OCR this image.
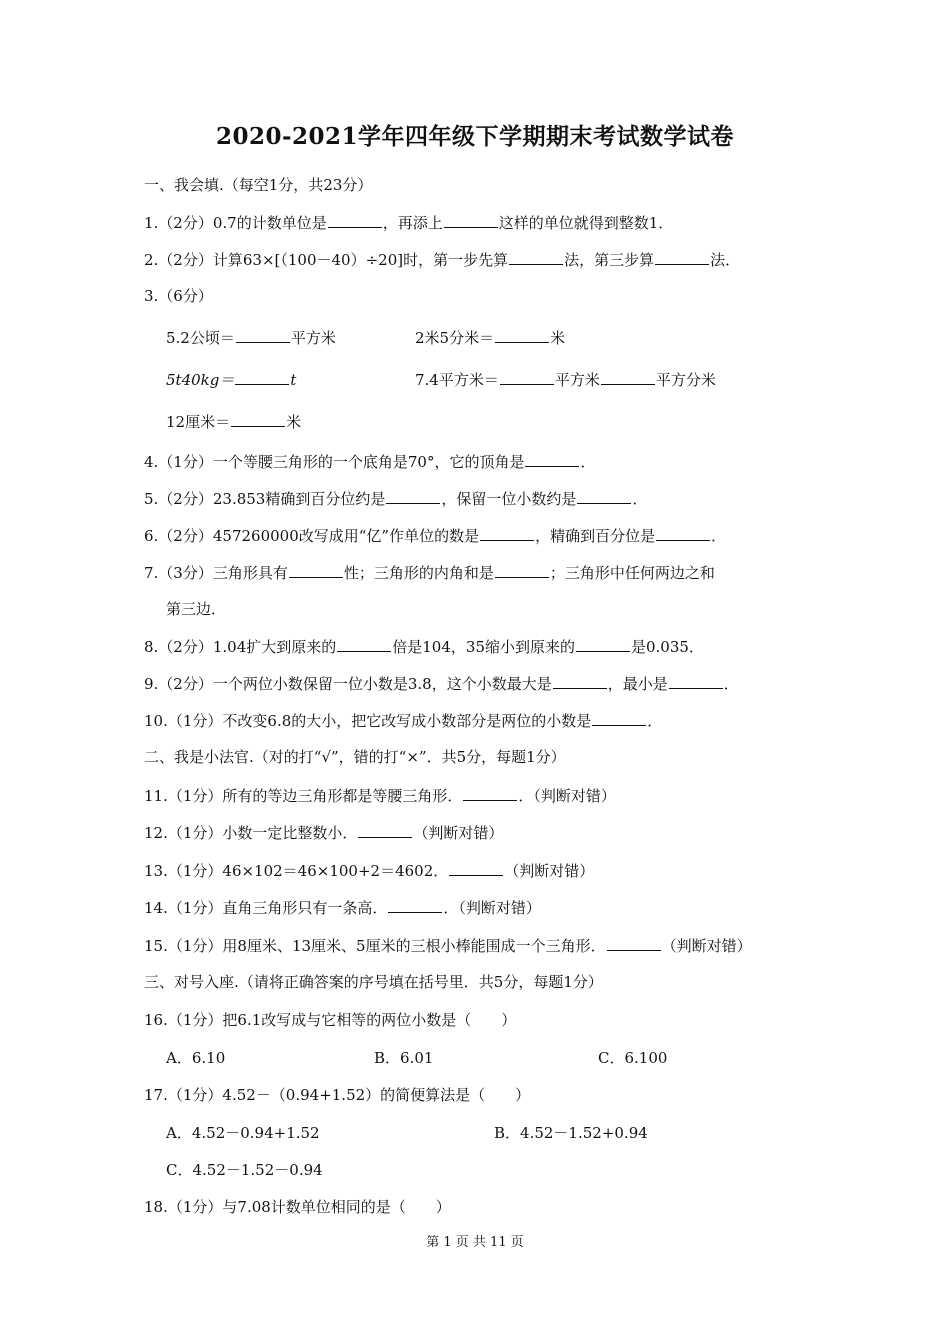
2020-2021学年四年级下学期期末考试数学试卷
一、我会填.（每空1分，共23分）
1.（2分）0.7的计数单位是	，再添上	这样的单位就得到整数1．
2.（2分）计算63×[（100－40）÷20]时，第一步先算	法，第三步算	法．
3.（6分）
5.2公顷＝	平方米	2米5分米＝	米
5t40kg＝	t	7.4平方米＝	平方米	平方分米
12厘米＝	米
4.（1分）一个等腰三角形的一个底角是70°，它的顶角是	．
5.（2分）23.853精确到百分位约是	，保留一位小数约是	．
6.（2分）457260000改写成用“亿”作单位的数是	，精确到百分位是	．
7.（3分）三角形具有	性；三角形的内角和是	；三角形中任何两边之和
第三边．
8.（2分）1.04扩大到原来的	倍是104，35缩小到原来的	是0.035．
9.（2分）一个两位小数保留一位小数是3.8，这个小数最大是	，最小是	．
10.（1分）不改变6.8的大小，把它改写成小数部分是两位的小数是	．
二、我是小法官.（对的打“√”，错的打“×”．共5分，每题1分）
11.（1分）所有的等边三角形都是等腰三角形．	．（判断对错）
12.（1分）小数一定比整数小．	（判断对错）
13.（1分）46×102＝46×100+2＝4602．	（判断对错）
14.（1分）直角三角形只有一条高．	．（判断对错）
15.（1分）用8厘米、13厘米、5厘米的三根小棒能围成一个三角形．	（判断对错）
三、对号入座.（请将正确答案的序号填在括号里．共5分，每题1分）
16.（1分）把6.1改写成与它相等的两位小数是（　　）
A．6.10	B．6.01	C．6.100
17.（1分）4.52－（0.94+1.52）的简便算法是（　　）
A．4.52－0.94+1.52	B．4.52－1.52+0.94
C．4.52－1.52－0.94
18.（1分）与7.08计数单位相同的是（　　）
第 1 页 共 11 页
